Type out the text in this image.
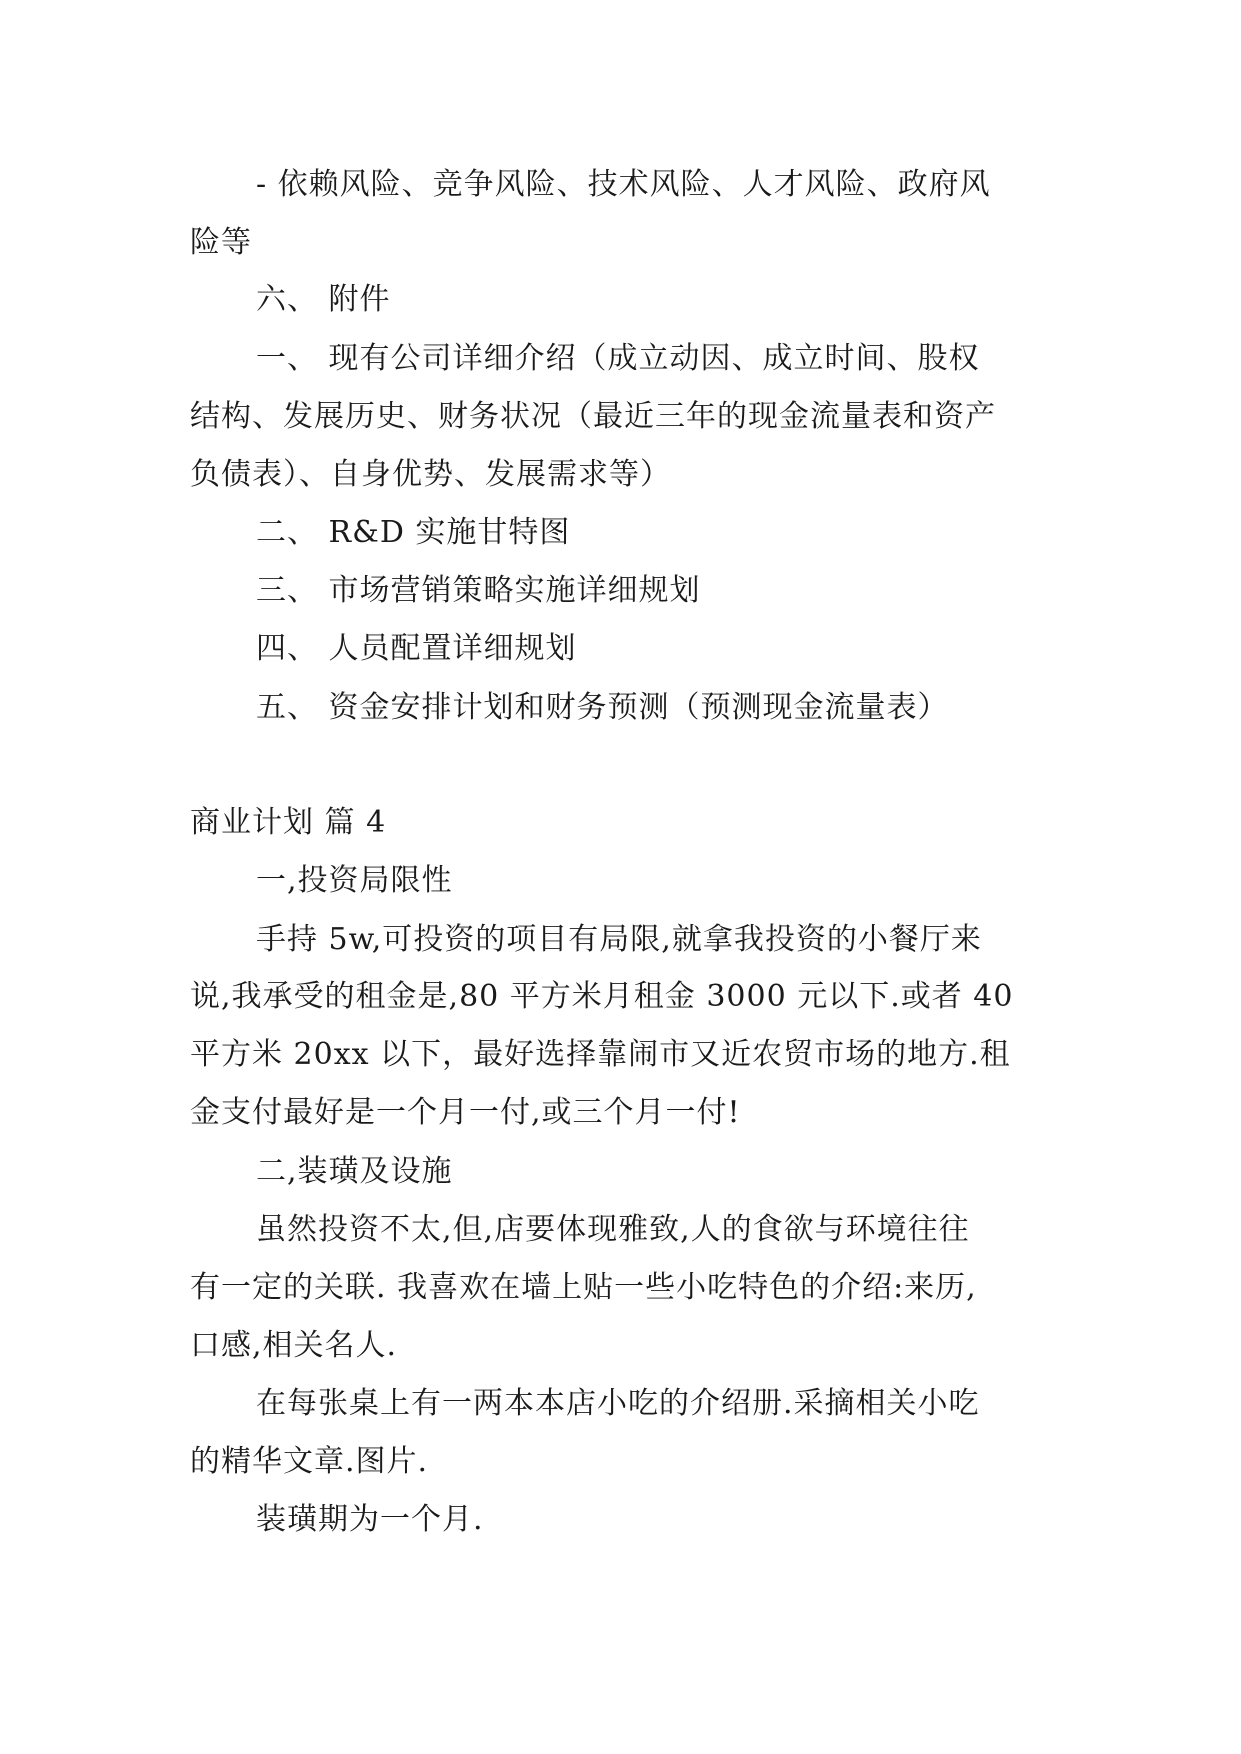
- 依赖风险、竞争风险、技术风险、人才风险、政府风
险等
六、 附件
一、 现有公司详细介绍（成立动因、成立时间、股权
结构、发展历史、财务状况（最近三年的现金流量表和资产
负债表）、自身优势、发展需求等）
二、 R&D 实施甘特图
三、 市场营销策略实施详细规划
四、 人员配置详细规划
五、 资金安排计划和财务预测（预测现金流量表）
商业计划 篇 4
一,投资局限性
手持 5w,可投资的项目有局限,就拿我投资的小餐厅来
说,我承受的租金是,80 平方米月租金 3000 元以下.或者 40
平方米 20xx 以下，最好选择靠闹市又近农贸市场的地方.租
金支付最好是一个月一付,或三个月一付!
二,装璜及设施
虽然投资不太,但,店要体现雅致,人的食欲与环境往往
有一定的关联. 我喜欢在墙上贴一些小吃特色的介绍:来历,
口感,相关名人.
在每张桌上有一两本本店小吃的介绍册.采摘相关小吃
的精华文章.图片.
装璜期为一个月.
